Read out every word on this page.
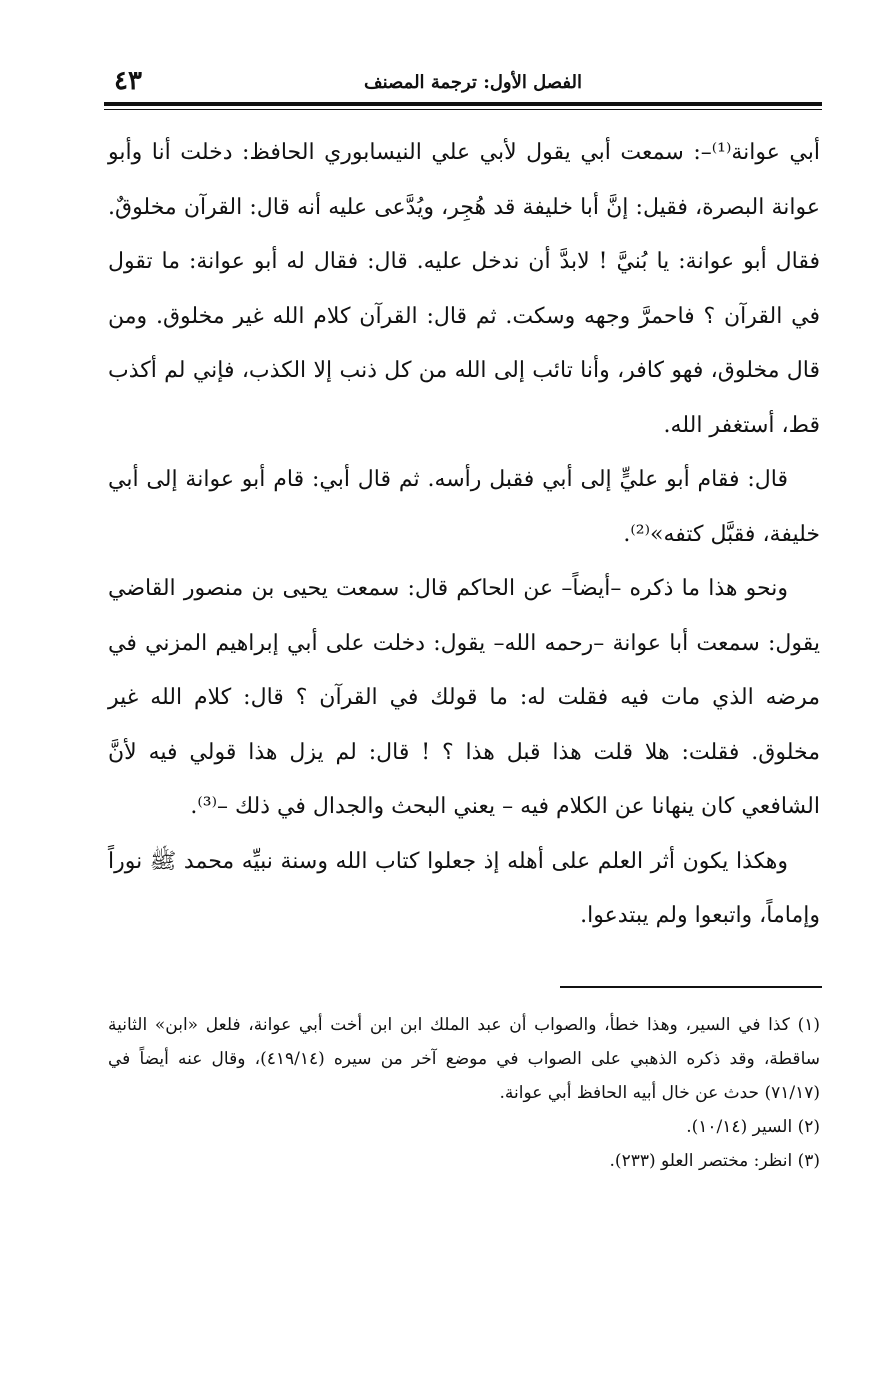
الفصل الأول: ترجمة المصنف
٤٣

أبي عوانة⁽¹⁾–: سمعت أبي يقول لأبي علي النيسابوري الحافظ: دخلت أنا وأبو عوانة البصرة، فقيل: إنَّ أبا خليفة قد هُجِر، ويُدَّعى عليه أنه قال: القرآن مخلوقٌ. فقال أبو عوانة: يا بُنيَّ ! لابدَّ أن ندخل عليه. قال: فقال له أبو عوانة: ما تقول في القرآن ؟ فاحمرَّ وجهه وسكت. ثم قال: القرآن كلام الله غير مخلوق. ومن قال مخلوق، فهو كافر، وأنا تائب إلى الله من كل ذنب إلا الكذب، فإني لم أكذب قط، أستغفر الله.

قال: فقام أبو عليٍّ إلى أبي فقبل رأسه. ثم قال أبي: قام أبو عوانة إلى أبي خليفة، فقبَّل كتفه»⁽²⁾.

ونحو هذا ما ذكره –أيضاً– عن الحاكم قال: سمعت يحيى بن منصور القاضي يقول: سمعت أبا عوانة –رحمه الله– يقول: دخلت على أبي إبراهيم المزني في مرضه الذي مات فيه فقلت له: ما قولك في القرآن ؟ قال: كلام الله غير مخلوق. فقلت: هلا قلت هذا قبل هذا ؟ ! قال: لم يزل هذا قولي فيه لأنَّ الشافعي كان ينهانا عن الكلام فيه – يعني البحث والجدال في ذلك –⁽³⁾.

وهكذا يكون أثر العلم على أهله إذ جعلوا كتاب الله وسنة نبيِّه محمد ﷺ نوراً وإماماً، واتبعوا ولم يبتدعوا.

(١) كذا في السير، وهذا خطأ، والصواب أن عبد الملك ابن ابن أخت أبي عوانة، فلعل «ابن» الثانية ساقطة، وقد ذكره الذهبي على الصواب في موضع آخر من سيره (٤١٩/١٤)، وقال عنه أيضاً في (٧١/١٧) حدث عن خال أبيه الحافظ أبي عوانة.

(٢) السير (١٠/١٤).

(٣) انظر: مختصر العلو (٢٣٣).
